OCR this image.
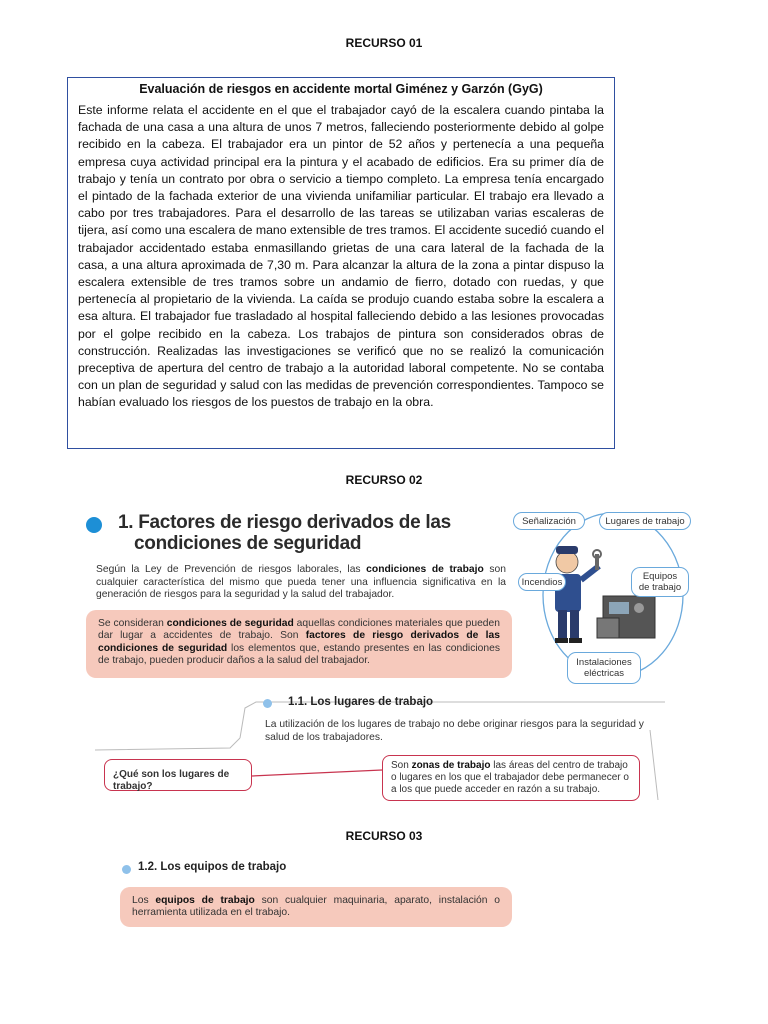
RECURSO 01
Evaluación de riesgos en accidente mortal Giménez y Garzón (GyG)

Este informe relata el accidente en el que el trabajador cayó de la escalera cuando pintaba la fachada de una casa a una altura de unos 7 metros, falleciendo posteriormente debido al golpe recibido en la cabeza. El trabajador era un pintor de 52 años y pertenecía a una pequeña empresa cuya actividad principal era la pintura y el acabado de edificios. Era su primer día de trabajo y tenía un contrato por obra o servicio a tiempo completo. La empresa tenía encargado el pintado de la fachada exterior de una vivienda unifamiliar particular. El trabajo era llevado a cabo por tres trabajadores. Para el desarrollo de las tareas se utilizaban varias escaleras de tijera, así como una escalera de mano extensible de tres tramos. El accidente sucedió cuando el trabajador accidentado estaba enmasillando grietas de una cara lateral de la fachada de la casa, a una altura aproximada de 7,30 m. Para alcanzar la altura de la zona a pintar dispuso la escalera extensible de tres tramos sobre un andamio de fierro, dotado con ruedas, y que pertenecía al propietario de la vivienda. La caída se produjo cuando estaba sobre la escalera a esa altura. El trabajador fue trasladado al hospital falleciendo debido a las lesiones provocadas por el golpe recibido en la cabeza. Los trabajos de pintura son considerados obras de construcción. Realizadas las investigaciones se verificó que no se realizó la comunicación preceptiva de apertura del centro de trabajo a la autoridad laboral competente. No se contaba con un plan de seguridad y salud con las medidas de prevención correspondientes. Tampoco se habían evaluado los riesgos de los puestos de trabajo en la obra.

RECURSO 02
1. Factores de riesgo derivados de las
condiciones de seguridad
Según la Ley de Prevención de riesgos laborales, las condiciones de trabajo son cualquier característica del mismo que pueda tener una influencia significativa en la generación de riesgos para la seguridad y la salud del trabajador.
Se consideran condiciones de seguridad aquellas condiciones materiales que pueden dar lugar a accidentes de trabajo. Son factores de riesgo derivados de las condiciones de seguridad los elementos que, estando presentes en las condiciones de trabajo, pueden producir daños a la salud del trabajador.
Señalización	Lugares de trabajo
Incendios
Equipos
de trabajo
Instalaciones
eléctricas
1.1. Los lugares de trabajo
La utilización de los lugares de trabajo no debe originar riesgos para la seguridad y salud de los trabajadores.
¿Qué son los lugares de trabajo?
Son zonas de trabajo las áreas del centro de trabajo o lugares en los que el trabajador debe permanecer o a los que puede acceder en razón a su trabajo.
RECURSO 03
1.2. Los equipos de trabajo
Los equipos de trabajo son cualquier maquinaria, aparato, instalación o herramienta utilizada en el trabajo.
